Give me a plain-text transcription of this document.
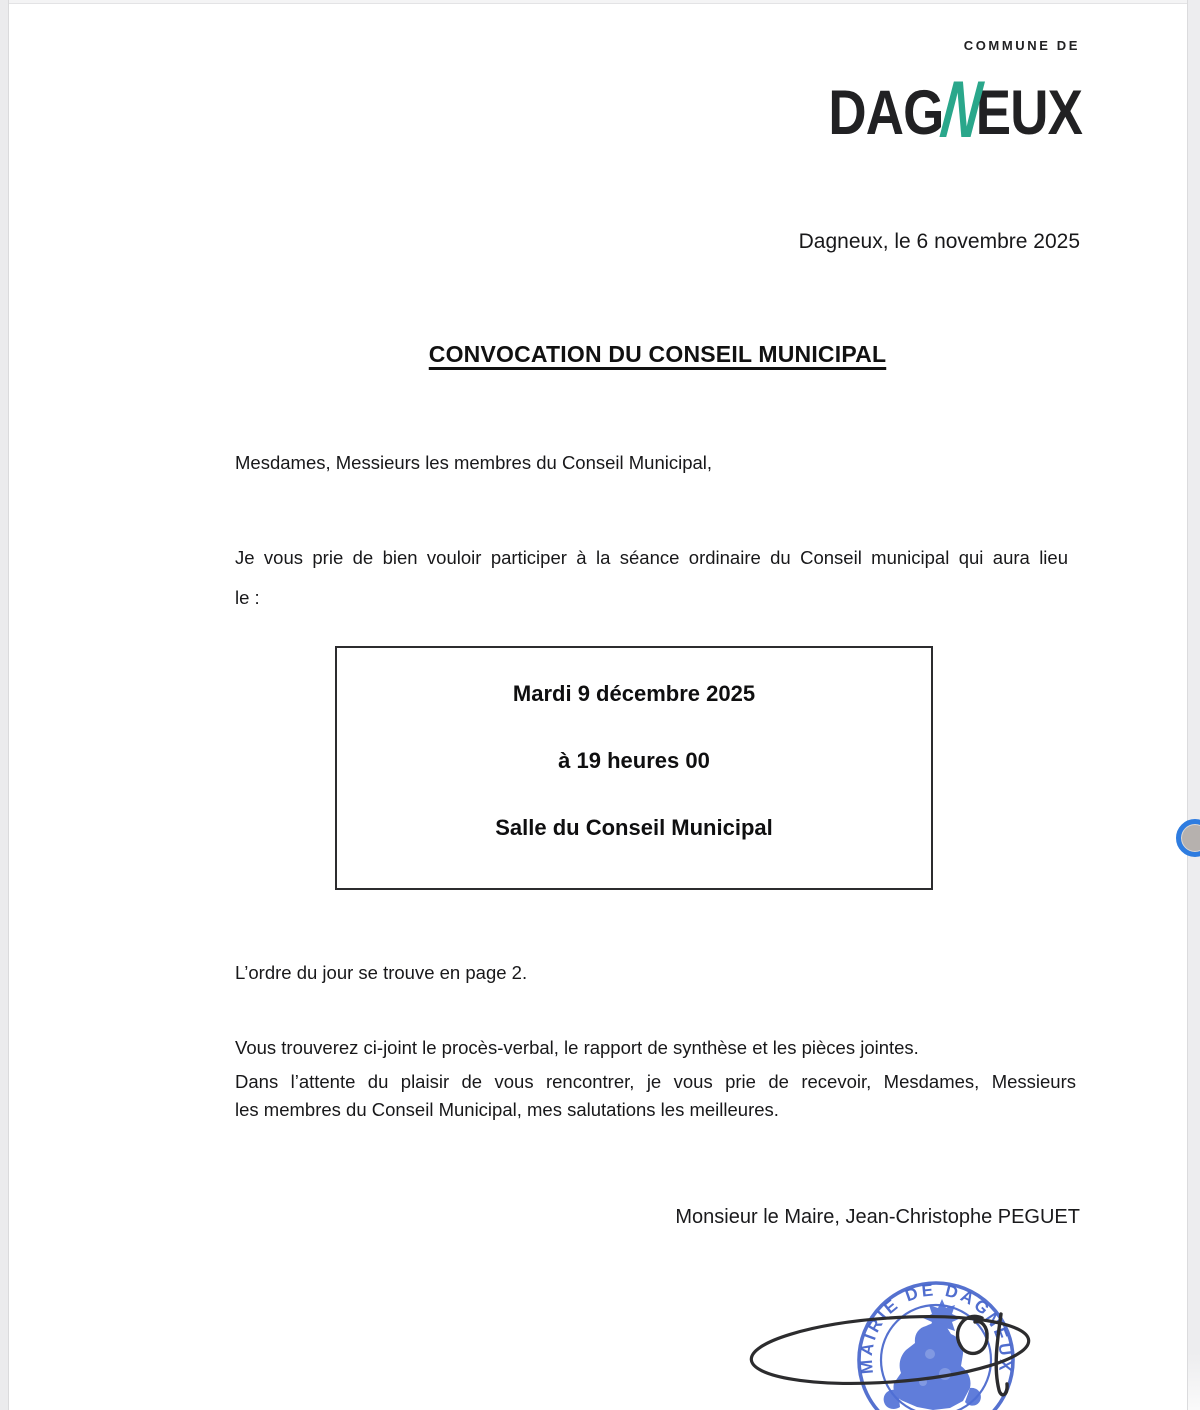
COMMUNE DE
DAGNEUX
Dagneux, le 6 novembre 2025
CONVOCATION DU CONSEIL MUNICIPAL
Mesdames, Messieurs les membres du Conseil Municipal,
Je vous prie de bien vouloir participer à la séance ordinaire du Conseil municipal qui aura lieu
le :
Mardi 9 décembre 2025
à 19 heures 00
Salle du Conseil Municipal
L’ordre du jour se trouve en page 2.
Vous trouverez ci-joint le procès-verbal, le rapport de synthèse et les pièces jointes.
Dans l’attente du plaisir de vous rencontrer, je vous prie de recevoir, Mesdames, Messieurs
les membres du Conseil Municipal, mes salutations les meilleures.
Monsieur le Maire, Jean-Christophe PEGUET
MAIRIE DE DAGNEUX
